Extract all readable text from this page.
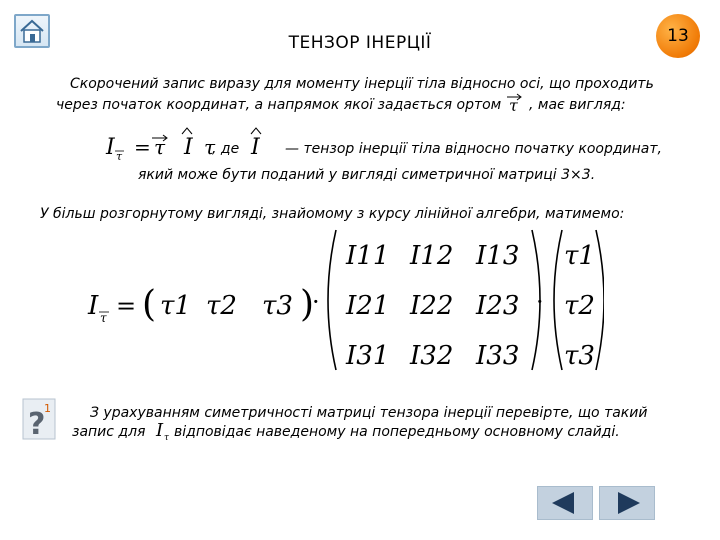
ТЕНЗОР ІНЕРЦІЇ	13
Скорочений запис виразу для моменту інерції тіла відносно осі, що проходить
через початок координат, а напрямок якої задається ортом τ , має вигляд:
I τ = τ I τ
, де I — тензор інерції тіла відносно початку координат,
який може бути поданий у вигляді симетричної матриці 3×3.
У більш розгорнутому вигляді, знайомому з курсу лінійної алгебри, матимемо:
I τ = ( τ1 τ2 τ3 )
·
I11 I12 I13
I21 I22 I23
I31 I32 I33
·
τ1
τ2
τ3
?
1	З урахуванням симетричності матриці тензора інерції перевірте, що такий
запис для I τ відповідає наведеному на попередньому основному слайді.
